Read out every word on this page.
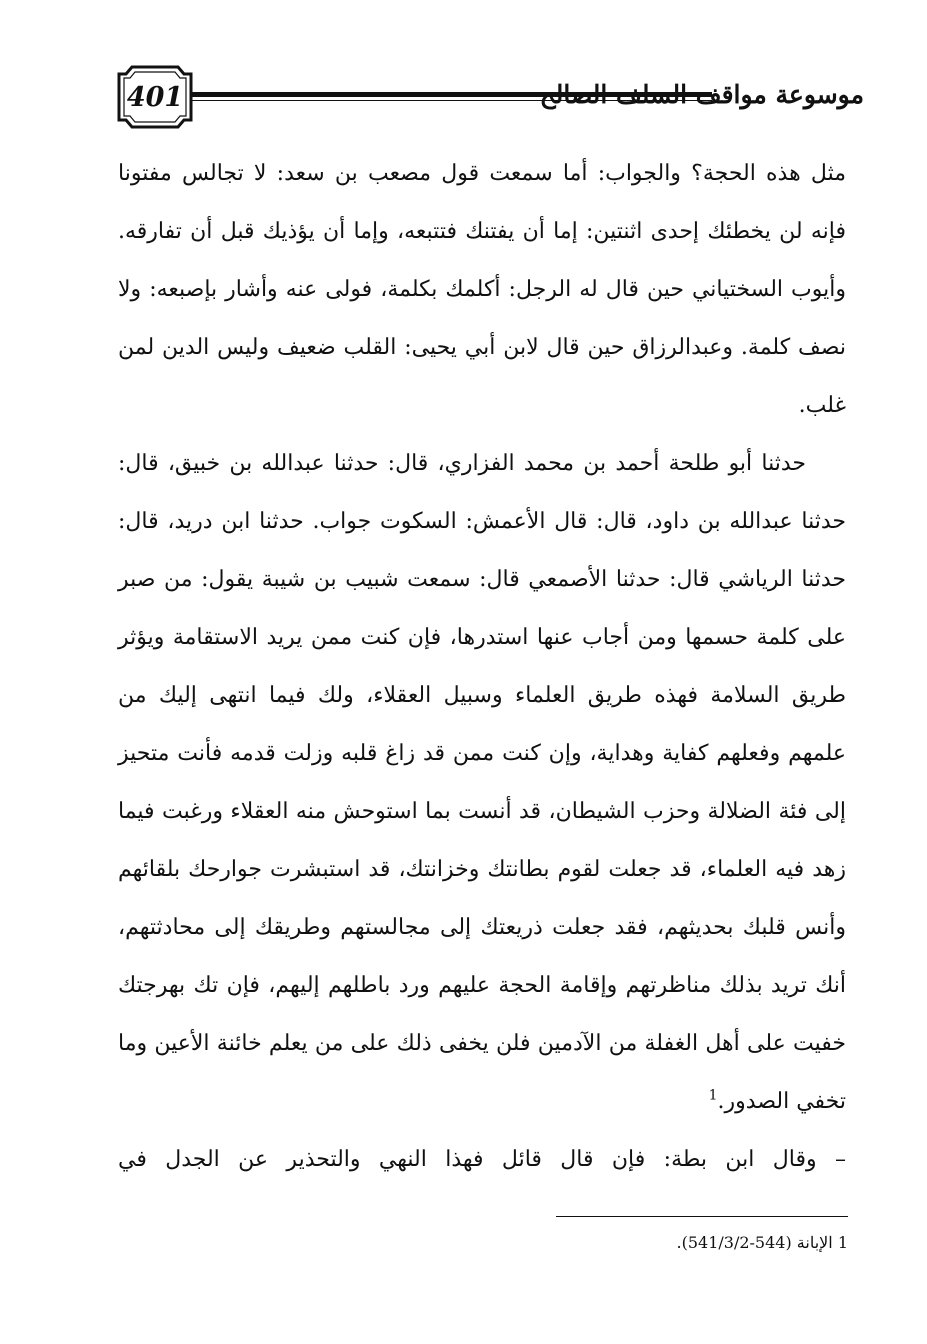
401	موسوعة مواقف السلف الصالح

مثل هذه الحجة؟ والجواب: أما سمعت قول مصعب بن سعد: لا تجالس مفتونا فإنه لن يخطئك إحدى اثنتين: إما أن يفتنك فتتبعه، وإما أن يؤذيك قبل أن تفارقه. وأيوب السختياني حين قال له الرجل: أكلمك بكلمة، فولى عنه وأشار بإصبعه: ولا نصف كلمة. وعبدالرزاق حين قال لابن أبي يحيى: القلب ضعيف وليس الدين لمن غلب.

حدثنا أبو طلحة أحمد بن محمد الفزاري، قال: حدثنا عبدالله بن خبيق، قال: حدثنا عبدالله بن داود، قال: قال الأعمش: السكوت جواب. حدثنا ابن دريد، قال: حدثنا الرياشي قال: حدثنا الأصمعي قال: سمعت شبيب بن شيبة يقول: من صبر على كلمة حسمها ومن أجاب عنها استدرها، فإن كنت ممن يريد الاستقامة ويؤثر طريق السلامة فهذه طريق العلماء وسبيل العقلاء، ولك فيما انتهى إليك من علمهم وفعلهم كفاية وهداية، وإن كنت ممن قد زاغ قلبه وزلت قدمه فأنت متحيز إلى فئة الضلالة وحزب الشيطان، قد أنست بما استوحش منه العقلاء ورغبت فيما زهد فيه العلماء، قد جعلت لقوم بطانتك وخزانتك، قد استبشرت جوارحك بلقائهم وأنس قلبك بحديثهم، فقد جعلت ذريعتك إلى مجالستهم وطريقك إلى محادثتهم، أنك تريد بذلك مناظرتهم وإقامة الحجة عليهم ورد باطلهم إليهم، فإن تك بهرجتك خفيت على أهل الغفلة من الآدمين فلن يخفى ذلك على من يعلم خائنة الأعين وما تخفي الصدور.$^1$

– وقال ابن بطة: فإن قال قائل فهذا النهي والتحذير عن الجدل في

1 الإبانة (544-541/3/2).
